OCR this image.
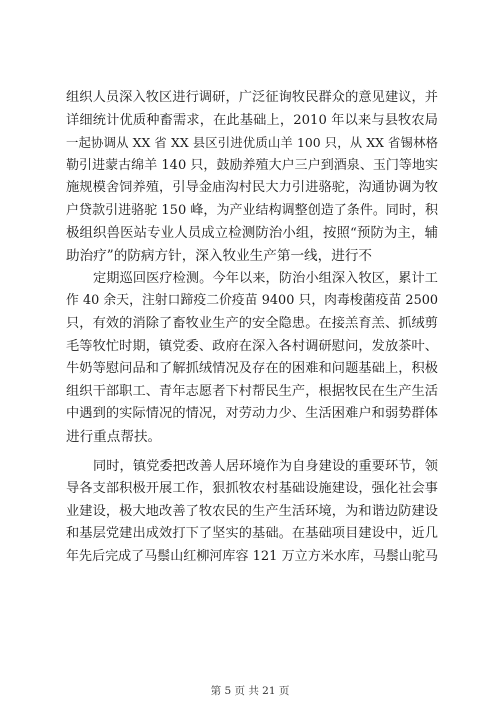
组织人员深入牧区进行调研，广泛征询牧民群众的意见建议，并
详细统计优质种畜需求，在此基础上，2010 年以来与县牧农局
一起协调从 XX 省 XX 县区引进优质山羊 100 只，从 XX 省锡林格
勒引进蒙古绵羊 140 只，鼓励养殖大户三户到酒泉、玉门等地实
施规模舍饲养殖，引导金庙沟村民大力引进骆驼，沟通协调为牧
户贷款引进骆驼 150 峰，为产业结构调整创造了条件。同时，积
极组织兽医站专业人员成立检测防治小组，按照“预防为主，辅
助治疗”的防病方针，深入牧业生产第一线，进行不
定期巡回医疗检测。今年以来，防治小组深入牧区，累计工
作 40 余天，注射口蹄疫二价疫苗 9400 只，肉毒梭菌疫苗 2500
只，有效的消除了畜牧业生产的安全隐患。在接羔育羔、抓绒剪
毛等牧忙时期，镇党委、政府在深入各村调研慰问，发放茶叶、
牛奶等慰问品和了解抓绒情况及存在的困难和问题基础上，积极
组织干部职工、青年志愿者下村帮民生产，根据牧民在生产生活
中遇到的实际情况的情况，对劳动力少、生活困难户和弱势群体
进行重点帮扶。
同时，镇党委把改善人居环境作为自身建设的重要环节，领
导各支部积极开展工作，狠抓牧农村基础设施建设，强化社会事
业建设，极大地改善了牧农民的生产生活环境，为和谐边防建设
和基层党建出成效打下了坚实的基础。在基础项目建设中，近几
年先后完成了马鬃山红柳河库容 121 万立方米水库，马鬃山驼马
第 5 页 共 21 页
